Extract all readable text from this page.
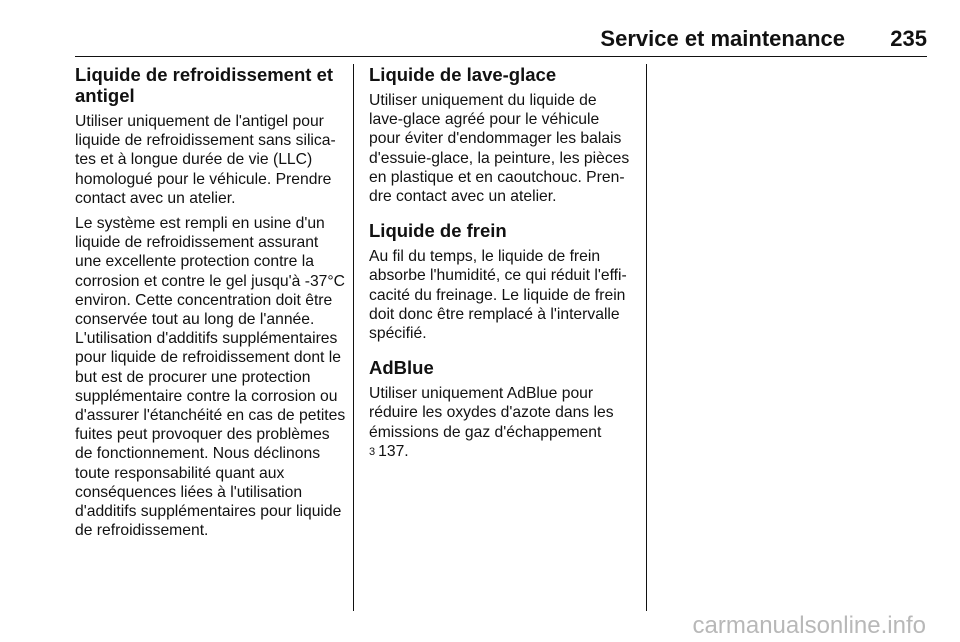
Service et maintenance 235
Liquide de refroidissement et antigel

Utiliser uniquement de l'antigel pour liquide de refroidissement sans silicates et à longue durée de vie (LLC) homologué pour le véhicule. Prendre contact avec un atelier.

Le système est rempli en usine d'un liquide de refroidissement assurant une excellente protection contre la corrosion et contre le gel jusqu'à -37°C environ. Cette concentration doit être conservée tout au long de l'année. L'utilisation d'additifs supplémentaires pour liquide de refroidissement dont le but est de procurer une protection supplémentaire contre la corrosion ou d'assurer l'étanchéité en cas de petites fuites peut provoquer des problèmes de fonctionnement. Nous déclinons toute responsabilité quant aux conséquences liées à l'utilisation d'additifs supplémentaires pour liquide de refroidissement.

Liquide de lave-glace

Utiliser uniquement du liquide de lave-glace agréé pour le véhicule pour éviter d'endommager les balais d'essuie-glace, la peinture, les pièces en plastique et en caoutchouc. Prendre contact avec un atelier.

Liquide de frein

Au fil du temps, le liquide de frein absorbe l'humidité, ce qui réduit l'efficacité du freinage. Le liquide de frein doit donc être remplacé à l'intervalle spécifié.

AdBlue

Utiliser uniquement AdBlue pour réduire les oxydes d'azote dans les émissions de gaz d'échappement
3 137.

carmanualsonline.info
